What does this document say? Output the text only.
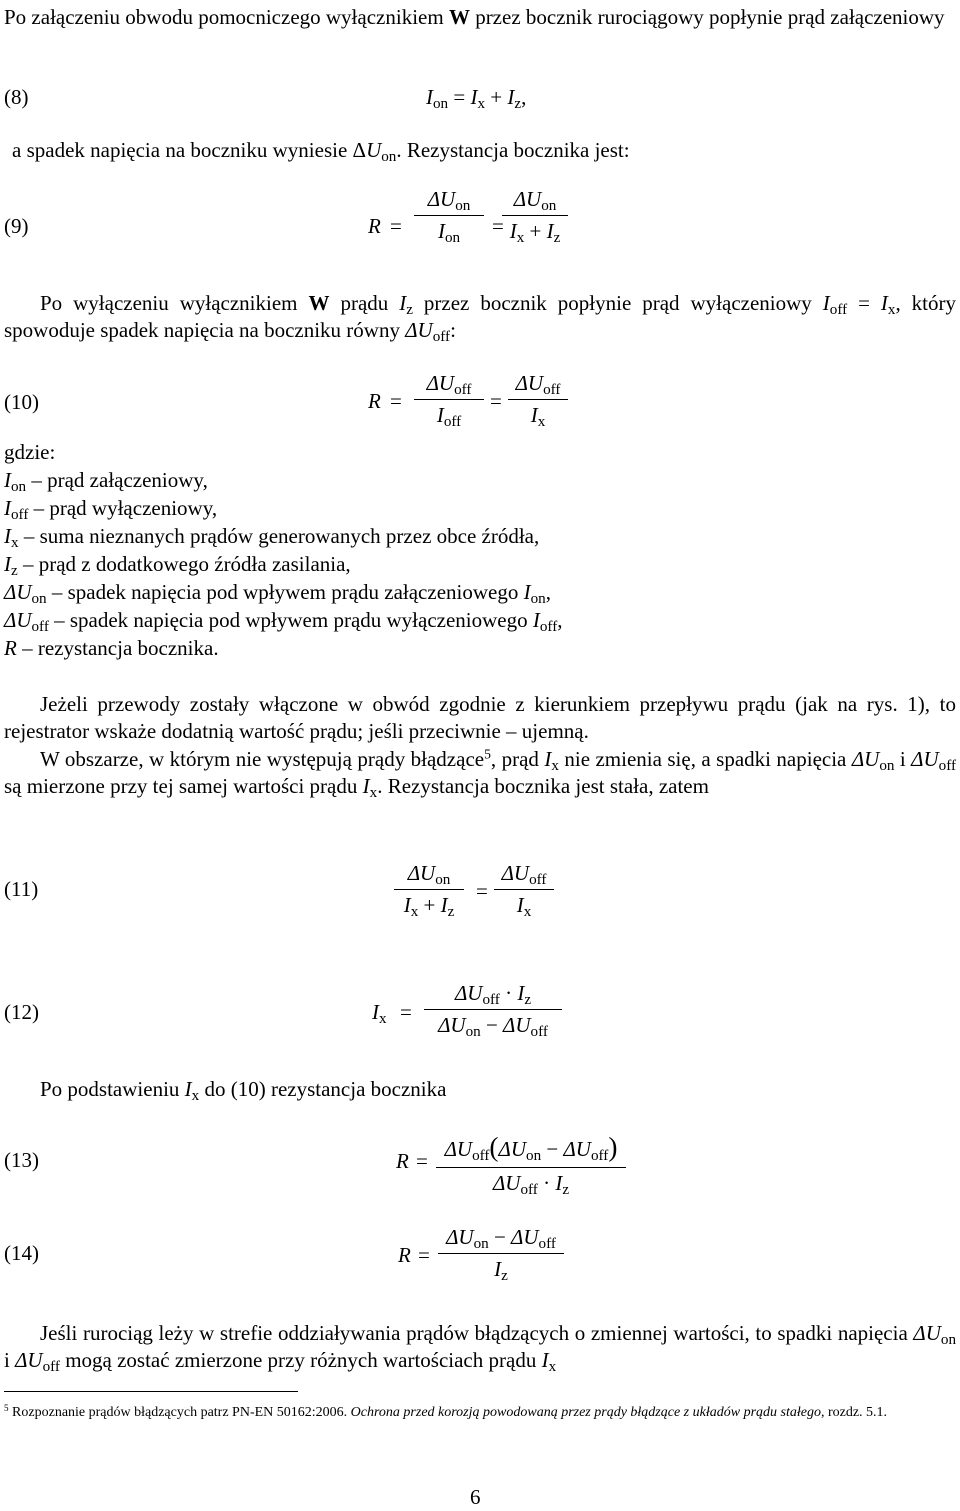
Po załączeniu obwodu pomocniczego wyłącznikiem W przez bocznik rurociągowy popłynie prąd załączeniowy
(8)	$I_{on} = I_x + I_z$,
a spadek napięcia na boczniku wyniesie $\Delta U_{on}$. Rezystancja bocznika jest:
(9)	R =
$\Delta U_{on}$
$I_{on}$	=
$\Delta U_{on}$
$I_x + I_z$
Po wyłączeniu wyłącznikiem W prądu $I_z$ przez bocznik popłynie prąd wyłączeniowy $I_{off} = I_x$, który spowoduje spadek napięcia na boczniku równy $\Delta U_{off}$:
(10)	R =
$\Delta U_{off}$
$I_{off}$
=
$\Delta U_{off}$
$I_x$
gdzie:
$I_{on}$ – prąd załączeniowy,
$I_{off}$ – prąd wyłączeniowy,
$I_x$ – suma nieznanych prądów generowanych przez obce źródła,
$I_z$ – prąd z dodatkowego źródła zasilania,
$\Delta U_{on}$ – spadek napięcia pod wpływem prądu załączeniowego $I_{on}$,
$\Delta U_{off}$ – spadek napięcia pod wpływem prądu wyłączeniowego $I_{off}$,
R – rezystancja bocznika.
Jeżeli przewody zostały włączone w obwód zgodnie z kierunkiem przepływu prądu (jak na rys. 1), to rejestrator wskaże dodatnią wartość prądu; jeśli przeciwnie – ujemną.
W obszarze, w którym nie występują prądy błądzące$^5$, prąd $I_x$ nie zmienia się, a spadki napięcia $\Delta U_{on}$ i $\Delta U_{off}$ są mierzone przy tej samej wartości prądu $I_x$. Rezystancja bocznika jest stała, zatem
(11)
$\Delta U_{on}$
$I_x + I_z$
=
$\Delta U_{off}$
$I_x$
(12)	$I_x$ =
$\Delta U_{off} \cdot I_z$
$\Delta U_{on} - \Delta U_{off}$
Po podstawieniu $I_x$ do (10) rezystancja bocznika
(13)	$R = \Delta U_{off}(\Delta U_{on} - \Delta U_{off})$
$\Delta U_{off} \cdot I_z$
(14)	R =
$\Delta U_{on} - \Delta U_{off}$
$I_z$
Jeśli rurociąg leży w strefie oddziaływania prądów błądzących o zmiennej wartości, to spadki napięcia $\Delta U_{on}$ i $\Delta U_{off}$ mogą zostać zmierzone przy różnych wartościach prądu $I_x$
$^5$ Rozpoznanie prądów błądzących patrz PN-EN 50162:2006. Ochrona przed korozją powodowaną przez prądy błądzące z układów prądu stałego, rozdz. 5.1.
6
